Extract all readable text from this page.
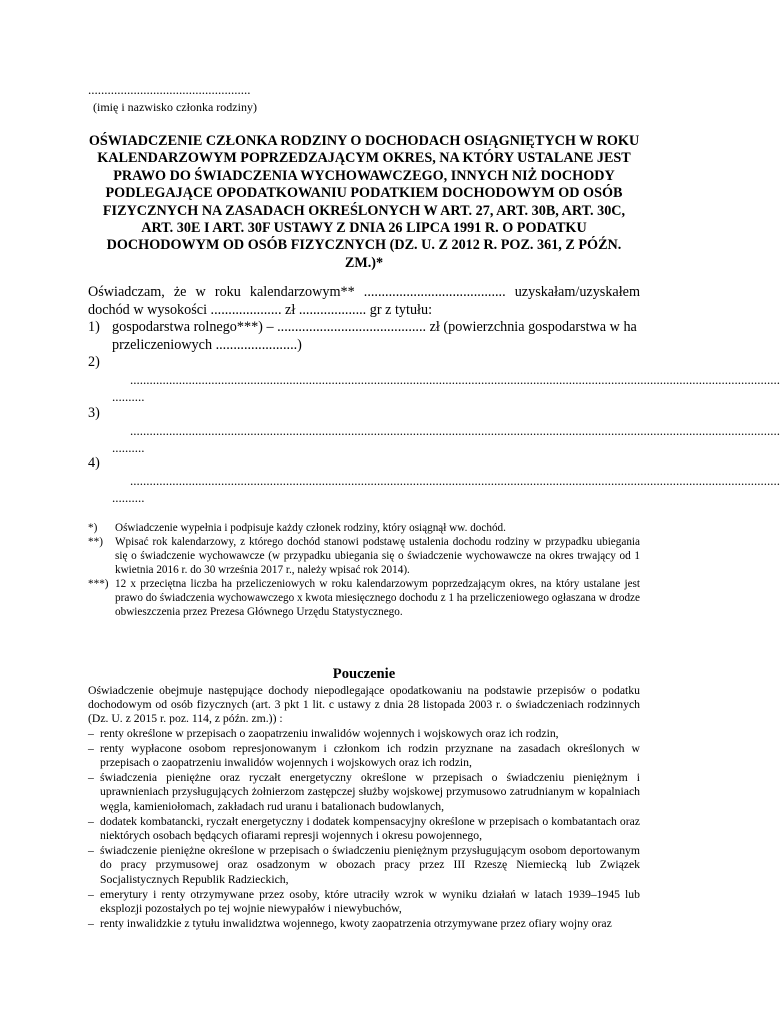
..................................................
(imię i nazwisko członka rodziny)
OŚWIADCZENIE CZŁONKA RODZINY O DOCHODACH OSIĄGNIĘTYCH W ROKU KALENDARZOWYM POPRZEDZAJĄCYM OKRES, NA KTÓRY USTALANE JEST PRAWO DO ŚWIADCZENIA WYCHOWAWCZEGO, INNYCH NIŻ DOCHODY PODLEGAJĄCE OPODATKOWANIU PODATKIEM DOCHODOWYM OD OSÓB FIZYCZNYCH NA ZASADACH OKREŚLONYCH W ART. 27, ART. 30B, ART. 30C, ART. 30E I ART. 30F USTAWY Z DNIA 26 LIPCA 1991 R. O PODATKU DOCHODOWYM OD OSÓB FIZYCZNYCH (DZ. U. Z 2012 R. POZ. 361, Z PÓŹN. ZM.)*
Oświadczam, że w roku kalendarzowym** ........................................ uzyskałam/uzyskałem dochód w wysokości .................... zł ................... gr z tytułu:
1) gospodarstwa rolnego***) – .......................................... zł (powierzchnia gospodarstwa w ha przeliczeniowych .......................)
2)
........................................................................................................................................................................................................
..........
3)
........................................................................................................................................................................................................
..........
4)
........................................................................................................................................................................................................
..........
*)	Oświadczenie wypełnia i podpisuje każdy członek rodziny, który osiągnął ww. dochód.
**)	Wpisać rok kalendarzowy, z którego dochód stanowi podstawę ustalenia dochodu rodziny w przypadku ubiegania się o świadczenie wychowawcze (w przypadku ubiegania się o świadczenie wychowawcze na okres trwający od 1 kwietnia 2016 r. do 30 września 2017 r., należy wpisać rok 2014).
***) 12 x przeciętna liczba ha przeliczeniowych w roku kalendarzowym poprzedzającym okres, na który ustalane jest prawo do świadczenia wychowawczego x kwota miesięcznego dochodu z 1 ha przeliczeniowego ogłaszana w drodze obwieszczenia przez Prezesa Głównego Urzędu Statystycznego.
Pouczenie
Oświadczenie obejmuje następujące dochody niepodlegające opodatkowaniu na podstawie przepisów o podatku dochodowym od osób fizycznych (art. 3 pkt 1 lit. c ustawy z dnia 28 listopada 2003 r. o świadczeniach rodzinnych (Dz. U. z 2015 r. poz. 114, z późn. zm.)) :
– renty określone w przepisach o zaopatrzeniu inwalidów wojennych i wojskowych oraz ich rodzin,
– renty wypłacone osobom represjonowanym i członkom ich rodzin przyznane na zasadach określonych w przepisach o zaopatrzeniu inwalidów wojennych i wojskowych oraz ich rodzin,
– świadczenia pieniężne oraz ryczałt energetyczny określone w przepisach o świadczeniu pieniężnym i uprawnieniach przysługujących żołnierzom zastępczej służby wojskowej przymusowo zatrudnianym w kopalniach węgla, kamieniołomach, zakładach rud uranu i batalionach budowlanych,
– dodatek kombatancki, ryczałt energetyczny i dodatek kompensacyjny określone w przepisach o kombatantach oraz niektórych osobach będących ofiarami represji wojennych i okresu powojennego,
– świadczenie pieniężne określone w przepisach o świadczeniu pieniężnym przysługującym osobom deportowanym do pracy przymusowej oraz osadzonym w obozach pracy przez III Rzeszę Niemiecką lub Związek Socjalistycznych Republik Radzieckich,
– emerytury i renty otrzymywane przez osoby, które utraciły wzrok w wyniku działań w latach 1939–1945 lub eksplozji pozostałych po tej wojnie niewypałów i niewybuchów,
– renty inwalidzkie z tytułu inwalidztwa wojennego, kwoty zaopatrzenia otrzymywane przez ofiary wojny oraz
